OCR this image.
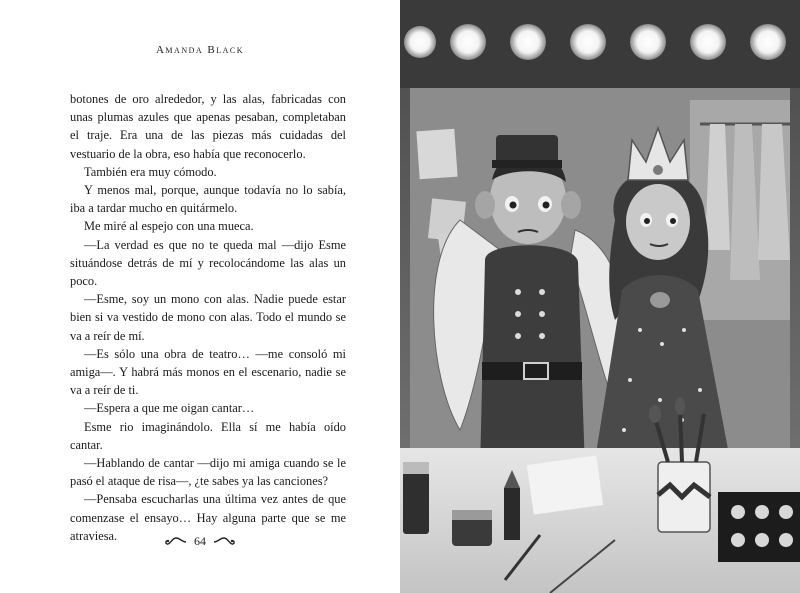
Amanda Black
botones de oro alrededor, y las alas, fabricadas con unas plumas azules que apenas pesaban, completaban el traje. Era una de las piezas más cuidadas del vestuario de la obra, eso había que reconocerlo.
También era muy cómodo.
Y menos mal, porque, aunque todavía no lo sabía, iba a tardar mucho en quitármelo.
Me miré al espejo con una mueca.
—La verdad es que no te queda mal —dijo Esme situándose detrás de mí y recolocándome las alas un poco.
—Esme, soy un mono con alas. Nadie puede estar bien si va vestido de mono con alas. Todo el mundo se va a reír de mí.
—Es sólo una obra de teatro… —me consoló mi amiga—. Y habrá más monos en el escenario, nadie se va a reír de ti.
—Espera a que me oigan cantar…
Esme rio imaginándolo. Ella sí me había oído cantar.
—Hablando de cantar —dijo mi amiga cuando se le pasó el ataque de risa—, ¿te sabes ya las canciones?
—Pensaba escucharlas una última vez antes de que comenzase el ensayo… Hay alguna parte que se me atraviesa.	64
